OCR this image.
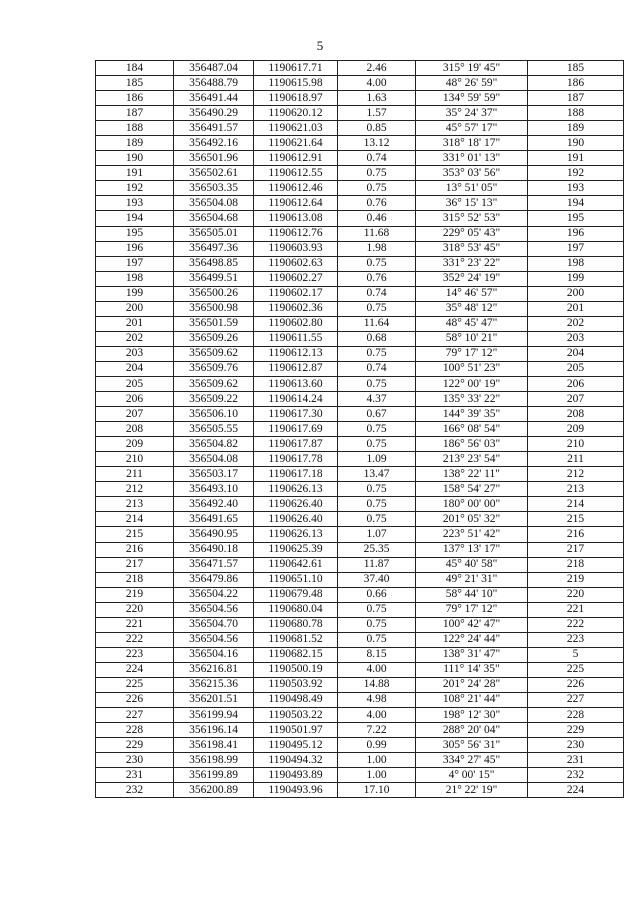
5
184	356487.04	1190617.71	2.46	315° 19' 45"	185
185	356488.79	1190615.98	4.00	48° 26' 59"	186
186	356491.44	1190618.97	1.63	134° 59' 59"	187
187	356490.29	1190620.12	1.57	35° 24' 37"	188
188	356491.57	1190621.03	0.85	45° 57' 17"	189
189	356492.16	1190621.64	13.12	318° 18' 17"	190
190	356501.96	1190612.91	0.74	331° 01' 13"	191
191	356502.61	1190612.55	0.75	353° 03' 56"	192
192	356503.35	1190612.46	0.75	13° 51' 05"	193
193	356504.08	1190612.64	0.76	36° 15' 13"	194
194	356504.68	1190613.08	0.46	315° 52' 53"	195
195	356505.01	1190612.76	11.68	229° 05' 43"	196
196	356497.36	1190603.93	1.98	318° 53' 45"	197
197	356498.85	1190602.63	0.75	331° 23' 22"	198
198	356499.51	1190602.27	0.76	352° 24' 19"	199
199	356500.26	1190602.17	0.74	14° 46' 57"	200
200	356500.98	1190602.36	0.75	35° 48' 12"	201
201	356501.59	1190602.80	11.64	48° 45' 47"	202
202	356509.26	1190611.55	0.68	58° 10' 21"	203
203	356509.62	1190612.13	0.75	79° 17' 12"	204
204	356509.76	1190612.87	0.74	100° 51' 23"	205
205	356509.62	1190613.60	0.75	122° 00' 19"	206
206	356509.22	1190614.24	4.37	135° 33' 22"	207
207	356506.10	1190617.30	0.67	144° 39' 35"	208
208	356505.55	1190617.69	0.75	166° 08' 54"	209
209	356504.82	1190617.87	0.75	186° 56' 03"	210
210	356504.08	1190617.78	1.09	213° 23' 54"	211
211	356503.17	1190617.18	13.47	138° 22' 11"	212
212	356493.10	1190626.13	0.75	158° 54' 27"	213
213	356492.40	1190626.40	0.75	180° 00' 00"	214
214	356491.65	1190626.40	0.75	201° 05' 32"	215
215	356490.95	1190626.13	1.07	223° 51' 42"	216
216	356490.18	1190625.39	25.35	137° 13' 17"	217
217	356471.57	1190642.61	11.87	45° 40' 58"	218
218	356479.86	1190651.10	37.40	49° 21' 31"	219
219	356504.22	1190679.48	0.66	58° 44' 10"	220
220	356504.56	1190680.04	0.75	79° 17' 12"	221
221	356504.70	1190680.78	0.75	100° 42' 47"	222
222	356504.56	1190681.52	0.75	122° 24' 44"	223
223	356504.16	1190682.15	8.15	138° 31' 47"	5
224	356216.81	1190500.19	4.00	111° 14' 35"	225
225	356215.36	1190503.92	14.88	201° 24' 28"	226
226	356201.51	1190498.49	4.98	108° 21' 44"	227
227	356199.94	1190503.22	4.00	198° 12' 30"	228
228	356196.14	1190501.97	7.22	288° 20' 04"	229
229	356198.41	1190495.12	0.99	305° 56' 31"	230
230	356198.99	1190494.32	1.00	334° 27' 45"	231
231	356199.89	1190493.89	1.00	4° 00' 15"	232
232	356200.89	1190493.96	17.10	21° 22' 19"	224
